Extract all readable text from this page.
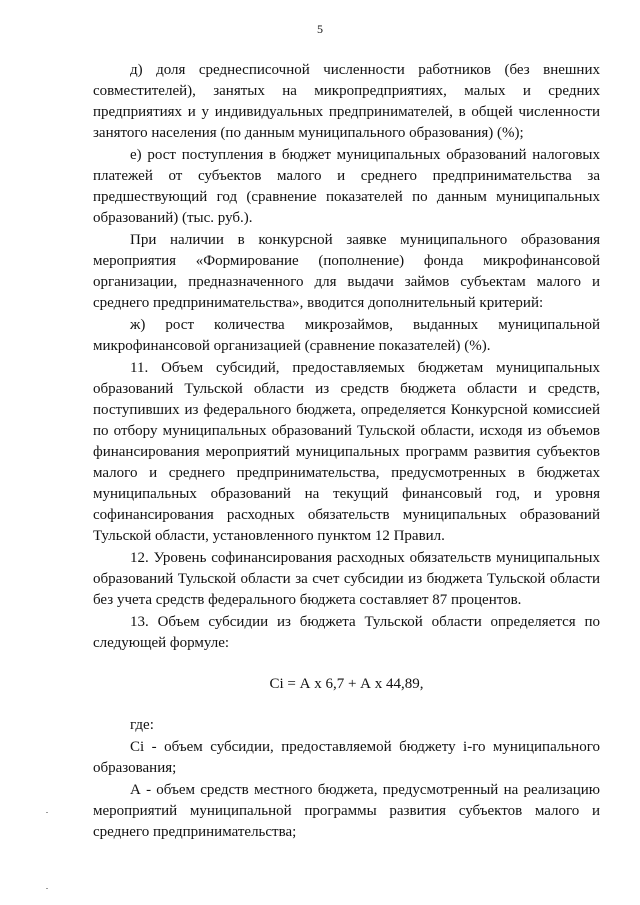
5

д) доля среднесписочной численности работников (без внешних совместителей), занятых на микропредприятиях, малых и средних предприятиях и у индивидуальных предпринимателей, в общей численности занятого населения (по данным муниципального образования) (%);

е) рост поступления в бюджет муниципальных образований налоговых платежей от субъектов малого и среднего предпринимательства за предшествующий год (сравнение показателей по данным муниципальных образований) (тыс. руб.).

При наличии в конкурсной заявке муниципального образования мероприятия «Формирование (пополнение) фонда микрофинансовой организации, предназначенного для выдачи займов субъектам малого и среднего предпринимательства», вводится дополнительный критерий:

ж) рост количества микрозаймов, выданных муниципальной микрофинансовой организацией (сравнение показателей) (%).

11. Объем субсидий, предоставляемых бюджетам муниципальных образований Тульской области из средств бюджета области и средств, поступивших из федерального бюджета, определяется Конкурсной комиссией по отбору муниципальных образований Тульской области, исходя из объемов финансирования мероприятий муниципальных программ развития субъектов малого и среднего предпринимательства, предусмотренных в бюджетах муниципальных образований на текущий финансовый год, и уровня софинансирования расходных обязательств муниципальных образований Тульской области, установленного пунктом 12 Правил.

12. Уровень софинансирования расходных обязательств муниципальных образований Тульской области за счет субсидии из бюджета Тульской области без учета средств федерального бюджета составляет 87 процентов.

13. Объем субсидии из бюджета Тульской области определяется по следующей формуле:

Ci = А х 6,7 + А х 44,89,

где:

Ci - объем субсидии, предоставляемой бюджету i-го муниципального образования;

А - объем средств местного бюджета, предусмотренный на реализацию мероприятий муниципальной программы развития субъектов малого и среднего предпринимательства;
